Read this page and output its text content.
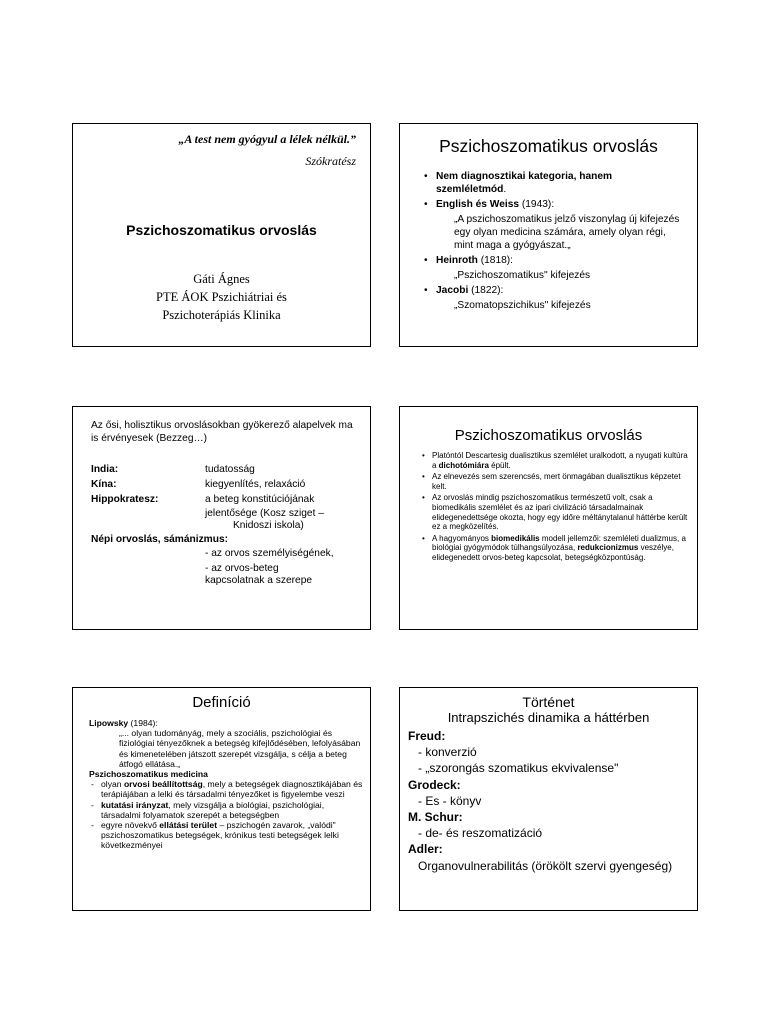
„A test nem gyógyul a lélek nélkül.”
Szókratész
Pszichoszomatikus orvoslás
Gáti Ágnes
PTE ÁOK Pszichiátriai és
Pszichoterápiás Klinika
Pszichoszomatikus orvoslás
• Nem diagnosztikai kategoria, hanem szemléletmód.
• English és Weiss (1943):
„A pszichoszomatikus jelző viszonylag új kifejezés egy olyan medicina számára, amely olyan régi, mint maga a gyógyászat.„
• Heinroth (1818):
„Pszichoszomatikus" kifejezés
• Jacobi (1822):
„Szomatopszichikus" kifejezés
Az ősi, holisztikus orvoslásokban gyökerező alapelvek ma is érvényesek (Bezzeg…)
India:	tudatosság
Kína:	kiegyenlítés, relaxáció
Hippokratesz:	a beteg konstitúciójának
jelentősége (Kosz sziget –
Knidoszi iskola)
Népi orvoslás, sámánizmus:
- az orvos személyiségének,
- az orvos-beteg
kapcsolatnak a szerepe
Pszichoszomatikus orvoslás
• Platóntól Descartesig dualisztikus szemlélet uralkodott, a nyugati kultúra a dichotómiára épült.
• Az elnevezés sem szerencsés, mert önmagában dualisztikus képzetet kelt.
• Az orvoslás mindig pszichoszomatikus természetű volt, csak a biomedikális szemlélet és az ipari civilizáció társadalmainak elidegenedettsége okozta, hogy egy időre méltánytalanul háttérbe került ez a megközelítés.
• A hagyományos biomedikális modell jellemzői: szemléleti dualizmus, a biológiai gyógymódok túlhangsúlyozása, redukcionizmus veszélye, elidegenedett orvos-beteg kapcsolat, betegségközpontúság.
Definíció
Lipowsky (1984):
„... olyan tudományág, mely a szociális, pszichológiai és fiziológiai tényezőknek a betegség kifejlődésében, lefolyásában és kimenetelében játszott szerepét vizsgálja, s célja a beteg átfogó ellátása.„
Pszichoszomatikus medicina
- olyan orvosi beállítottság, mely a betegségek diagnosztikájában és terápiájában a lelki és társadalmi tényezőket is figyelembe veszi
- kutatási irányzat, mely vizsgálja a biológiai, pszichológiai, társadalmi folyamatok szerepét a betegségben
- egyre növekvő ellátási terület – pszichogén zavarok, „valódi" pszichoszomatikus betegségek, krónikus testi betegségek lelki következményei
Történet
Intrapszichés dinamika a háttérben
Freud:
- konverzió
- „szorongás szomatikus ekvivalense"
Grodeck:
- Es - könyv
M. Schur:
- de- és reszomatizáció
Adler:
Organovulnerabilitás (örökölt szervi gyengeség)
